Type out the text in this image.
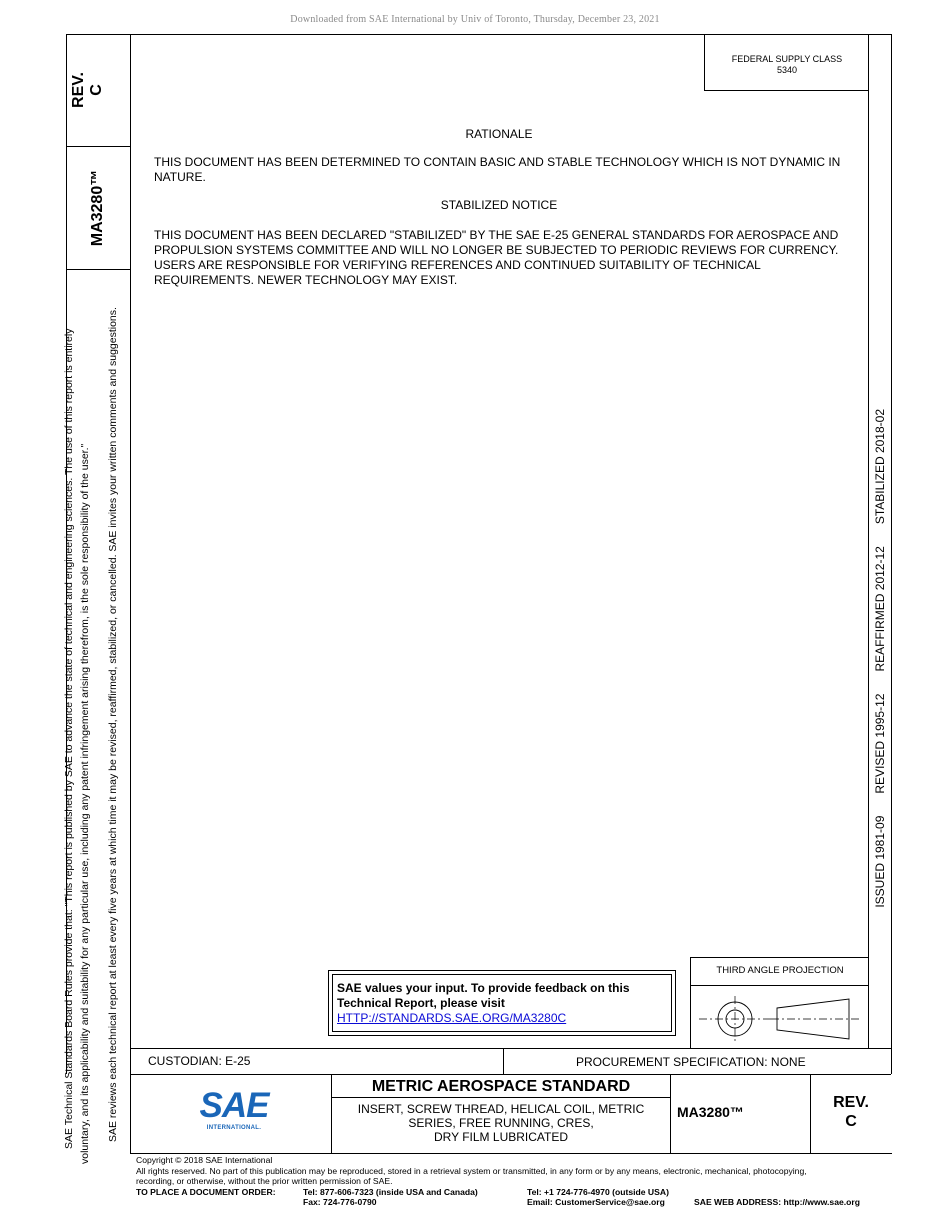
Downloaded from SAE International by Univ of Toronto, Thursday, December 23, 2021
REV. C
MA3280™
SAE Technical Standards Board Rules provide that: "This report is published by SAE to advance the state of technical and engineering sciences. The use of this report is entirely voluntary, and its applicability and suitability for any particular use, including any patent infringement arising therefrom, is the sole responsibility of the user." SAE reviews each technical report at least every five years at which time it may be revised, reaffirmed, stabilized, or cancelled. SAE invites your written comments and suggestions.
FEDERAL SUPPLY CLASS
5340
RATIONALE
THIS DOCUMENT HAS BEEN DETERMINED TO CONTAIN BASIC AND STABLE TECHNOLOGY WHICH IS NOT DYNAMIC IN NATURE.
STABILIZED NOTICE
THIS DOCUMENT HAS BEEN DECLARED "STABILIZED" BY THE SAE E-25 GENERAL STANDARDS FOR AEROSPACE AND PROPULSION SYSTEMS COMMITTEE AND WILL NO LONGER BE SUBJECTED TO PERIODIC REVIEWS FOR CURRENCY. USERS ARE RESPONSIBLE FOR VERIFYING REFERENCES AND CONTINUED SUITABILITY OF TECHNICAL REQUIREMENTS. NEWER TECHNOLOGY MAY EXIST.
ISSUED 1981-09
REVISED 1995-12
REAFFIRMED 2012-12
STABILIZED 2018-02
SAE values your input. To provide feedback on this
Technical Report, please visit
HTTP://STANDARDS.SAE.ORG/MA3280C
THIRD ANGLE PROJECTION
CUSTODIAN: E-25	PROCUREMENT SPECIFICATION: NONE
SAE
INTERNATIONAL.
METRIC AEROSPACE STANDARD
INSERT, SCREW THREAD, HELICAL COIL, METRIC
SERIES, FREE RUNNING, CRES,
DRY FILM LUBRICATED
MA3280™
REV.
C
Copyright © 2018 SAE International
All rights reserved. No part of this publication may be reproduced, stored in a retrieval system or transmitted, in any form or by any means, electronic, mechanical, photocopying,
recording, or otherwise, without the prior written permission of SAE.
TO PLACE A DOCUMENT ORDER:	Tel: 877-606-7323 (inside USA and Canada)
Fax: 724-776-0790
Tel: +1 724-776-4970 (outside USA)
Email: CustomerService@sae.org	SAE WEB ADDRESS: http://www.sae.org
